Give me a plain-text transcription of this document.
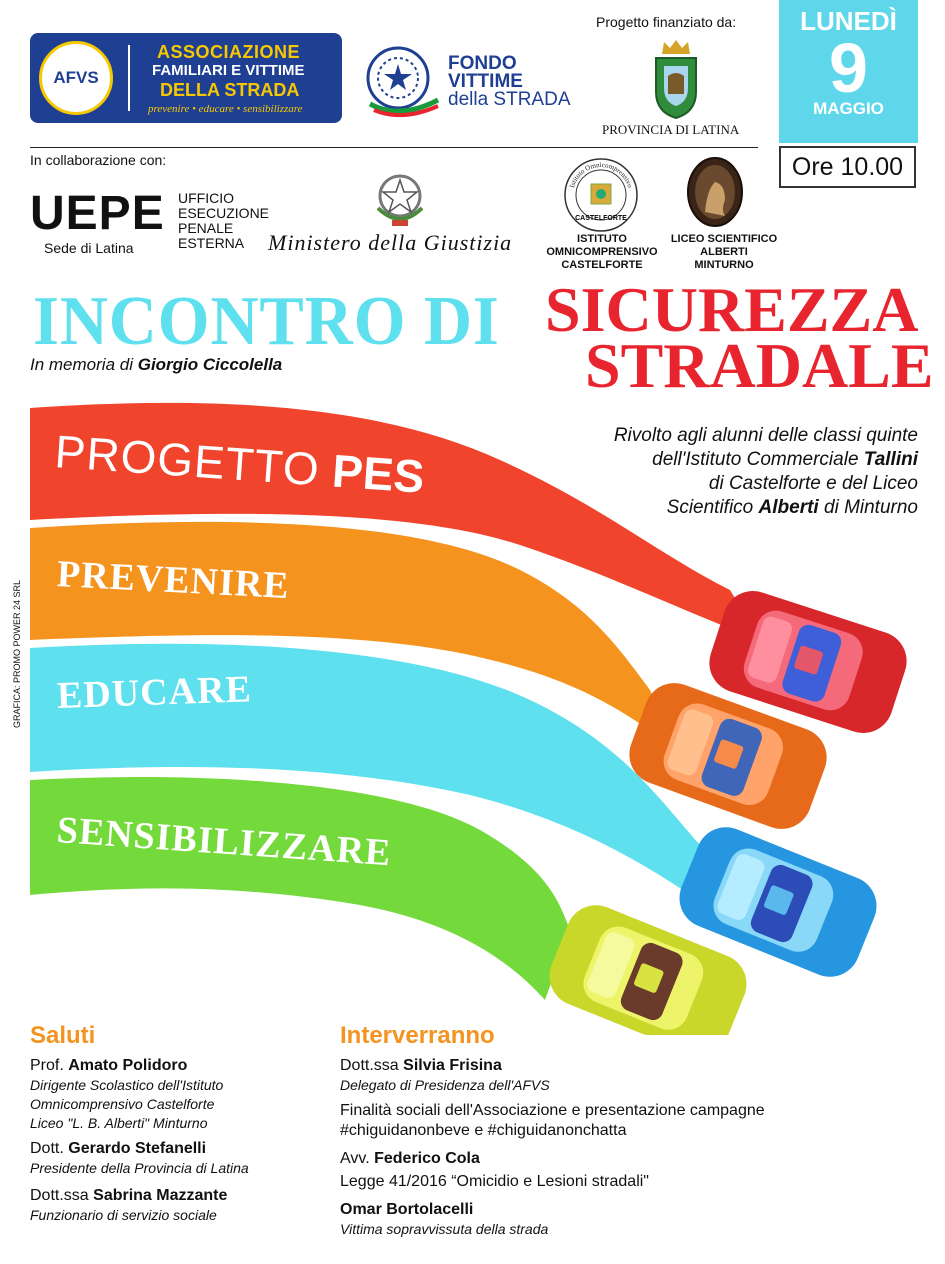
AFVS
ASSOCIAZIONE
FAMILIARI E VITTIME
DELLA STRADA
prevenire • educare • sensibilizzare
FONDO
VITTIME
della STRADA
Progetto finanziato da:
PROVINCIA DI LATINA
LUNEDÌ
9
MAGGIO
Ore 10.00
In collaborazione con:
UEPE
Sede di Latina
UFFICIO
ESECUZIONE
PENALE
ESTERNA	Ministero della Giustizia
Istituto Omnicomprensivo
CASTELFORTE
ISTITUTO
OMNICOMPRENSIVO
CASTELFORTE
LICEO SCIENTIFICO
ALBERTI
MINTURNO
INCONTRO DI SICUREZZA
STRADALE
In memoria di Giorgio Ciccolella
PROGETTO PES
PREVENIRE
EDUCARE
SENSIBILIZZARE
Rivolto agli alunni delle classi quinte
dell'Istituto Commerciale Tallini
di Castelforte e del Liceo
Scientifico Alberti di Minturno
GRAFICA: PROMO POWER 24 SRL
Saluti
Prof. Amato Polidoro
Dirigente Scolastico dell'Istituto
Omnicomprensivo Castelforte
Liceo "L. B. Alberti" Minturno
Dott. Gerardo Stefanelli
Presidente della Provincia di Latina
Dott.ssa Sabrina Mazzante
Funzionario di servizio sociale
Interverranno
Dott.ssa Silvia Frisina
Delegato di Presidenza dell'AFVS
Finalità sociali dell'Associazione e presentazione campagne
#chiguidanonbeve e #chiguidanonchatta
Avv. Federico Cola
Legge 41/2016 “Omicidio e Lesioni stradali"
Omar Bortolacelli
Vittima sopravvissuta della strada
